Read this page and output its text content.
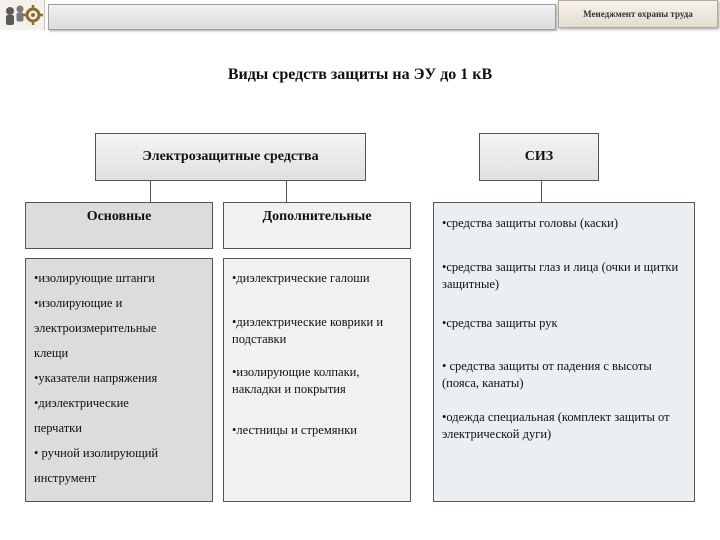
Менеджмент охраны труда
Виды средств защиты на ЭУ до 1 кВ
Электрозащитные средства	СИЗ
Основные	Дополнительные
•изолирующие штанги
•изолирующие и
электроизмерительные
клещи
•указатели напряжения
•диэлектрические
перчатки
• ручной изолирующий
инструмент
•диэлектрические галоши
•диэлектрические коврики и подставки
•изолирующие колпаки, накладки и покрытия
•лестницы и стремянки
•средства защиты головы (каски)
•средства защиты глаз и лица (очки и щитки защитные)
•средства защиты рук
• средства защиты от падения с высоты (пояса, канаты)
•одежда специальная (комплект защиты от электрической дуги)
